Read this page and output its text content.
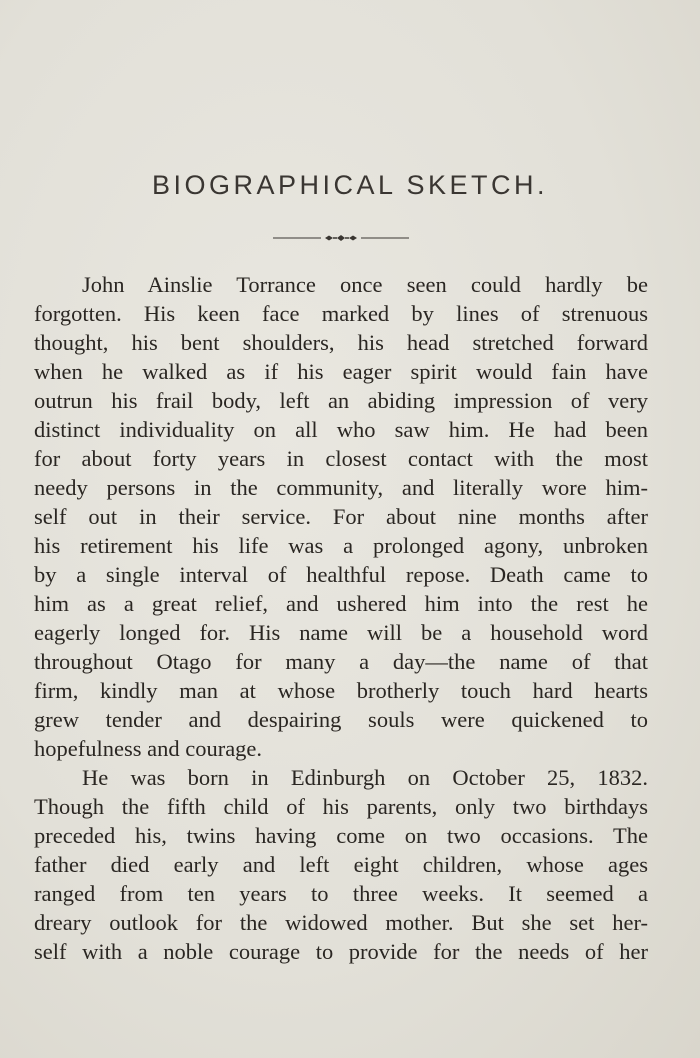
BIOGRAPHICAL SKETCH.
John Ainslie Torrance once seen could hardly be
forgotten. His keen face marked by lines of strenuous
thought, his bent shoulders, his head stretched forward
when he walked as if his eager spirit would fain have
outrun his frail body, left an abiding impression of very
distinct individuality on all who saw him. He had been
for about forty years in closest contact with the most
needy persons in the community, and literally wore him-
self out in their service. For about nine months after
his retirement his life was a prolonged agony, unbroken
by a single interval of healthful repose. Death came to
him as a great relief, and ushered him into the rest he
eagerly longed for. His name will be a household word
throughout Otago for many a day—the name of that
firm, kindly man at whose brotherly touch hard hearts
grew tender and despairing souls were quickened to
hopefulness and courage.
He was born in Edinburgh on October 25, 1832.
Though the fifth child of his parents, only two birthdays
preceded his, twins having come on two occasions. The
father died early and left eight children, whose ages
ranged from ten years to three weeks. It seemed a
dreary outlook for the widowed mother. But she set her-
self with a noble courage to provide for the needs of her
